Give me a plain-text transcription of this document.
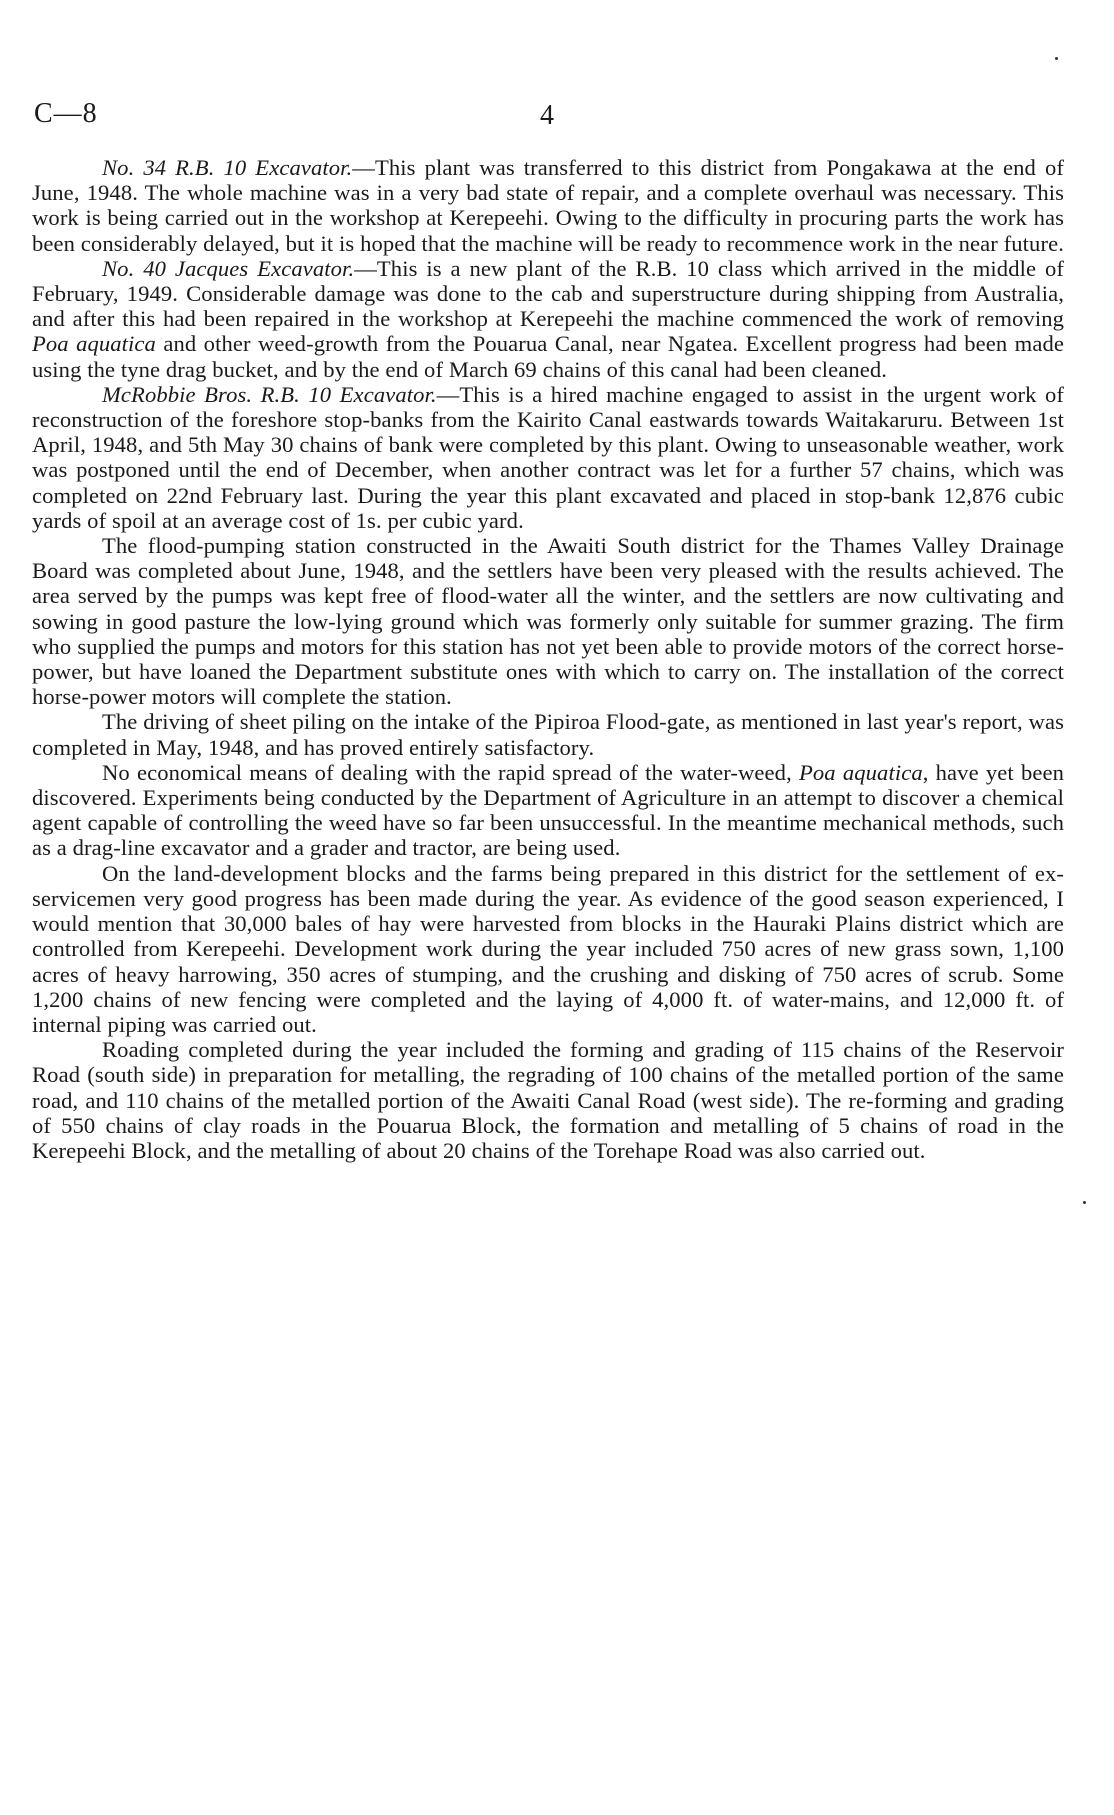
C—8	4

No. 34 R.B. 10 Excavator.—This plant was transferred to this district from Pongakawa at the end of June, 1948. The whole machine was in a very bad state of repair, and a complete overhaul was necessary. This work is being carried out in the workshop at Kerepeehi. Owing to the difficulty in procuring parts the work has been considerably delayed, but it is hoped that the machine will be ready to recommence work in the near future.

No. 40 Jacques Excavator.—This is a new plant of the R.B. 10 class which arrived in the middle of February, 1949. Considerable damage was done to the cab and superstructure during shipping from Australia, and after this had been repaired in the workshop at Kerepeehi the machine commenced the work of removing Poa aquatica and other weed-growth from the Pouarua Canal, near Ngatea. Excellent progress had been made using the tyne drag bucket, and by the end of March 69 chains of this canal had been cleaned.

McRobbie Bros. R.B. 10 Excavator.—This is a hired machine engaged to assist in the urgent work of reconstruction of the foreshore stop-banks from the Kairito Canal eastwards towards Waitakaruru. Between 1st April, 1948, and 5th May 30 chains of bank were completed by this plant. Owing to unseasonable weather, work was postponed until the end of December, when another contract was let for a further 57 chains, which was completed on 22nd February last. During the year this plant excavated and placed in stop-bank 12,876 cubic yards of spoil at an average cost of 1s. per cubic yard.

The flood-pumping station constructed in the Awaiti South district for the Thames Valley Drainage Board was completed about June, 1948, and the settlers have been very pleased with the results achieved. The area served by the pumps was kept free of flood-water all the winter, and the settlers are now cultivating and sowing in good pasture the low-lying ground which was formerly only suitable for summer grazing. The firm who supplied the pumps and motors for this station has not yet been able to provide motors of the correct horse-power, but have loaned the Department substitute ones with which to carry on. The installation of the correct horse-power motors will complete the station.

The driving of sheet piling on the intake of the Pipiroa Flood-gate, as mentioned in last year's report, was completed in May, 1948, and has proved entirely satisfactory.

No economical means of dealing with the rapid spread of the water-weed, Poa aquatica, have yet been discovered. Experiments being conducted by the Department of Agriculture in an attempt to discover a chemical agent capable of controlling the weed have so far been unsuccessful. In the meantime mechanical methods, such as a drag-line excavator and a grader and tractor, are being used.

On the land-development blocks and the farms being prepared in this district for the settlement of ex-servicemen very good progress has been made during the year. As evidence of the good season experienced, I would mention that 30,000 bales of hay were harvested from blocks in the Hauraki Plains district which are controlled from Kerepeehi. Development work during the year included 750 acres of new grass sown, 1,100 acres of heavy harrowing, 350 acres of stumping, and the crushing and disking of 750 acres of scrub. Some 1,200 chains of new fencing were completed and the laying of 4,000 ft. of water-mains, and 12,000 ft. of internal piping was carried out.

Roading completed during the year included the forming and grading of 115 chains of the Reservoir Road (south side) in preparation for metalling, the regrading of 100 chains of the metalled portion of the same road, and 110 chains of the metalled portion of the Awaiti Canal Road (west side). The re-forming and grading of 550 chains of clay roads in the Pouarua Block, the formation and metalling of 5 chains of road in the Kerepeehi Block, and the metalling of about 20 chains of the Torehape Road was also carried out.
